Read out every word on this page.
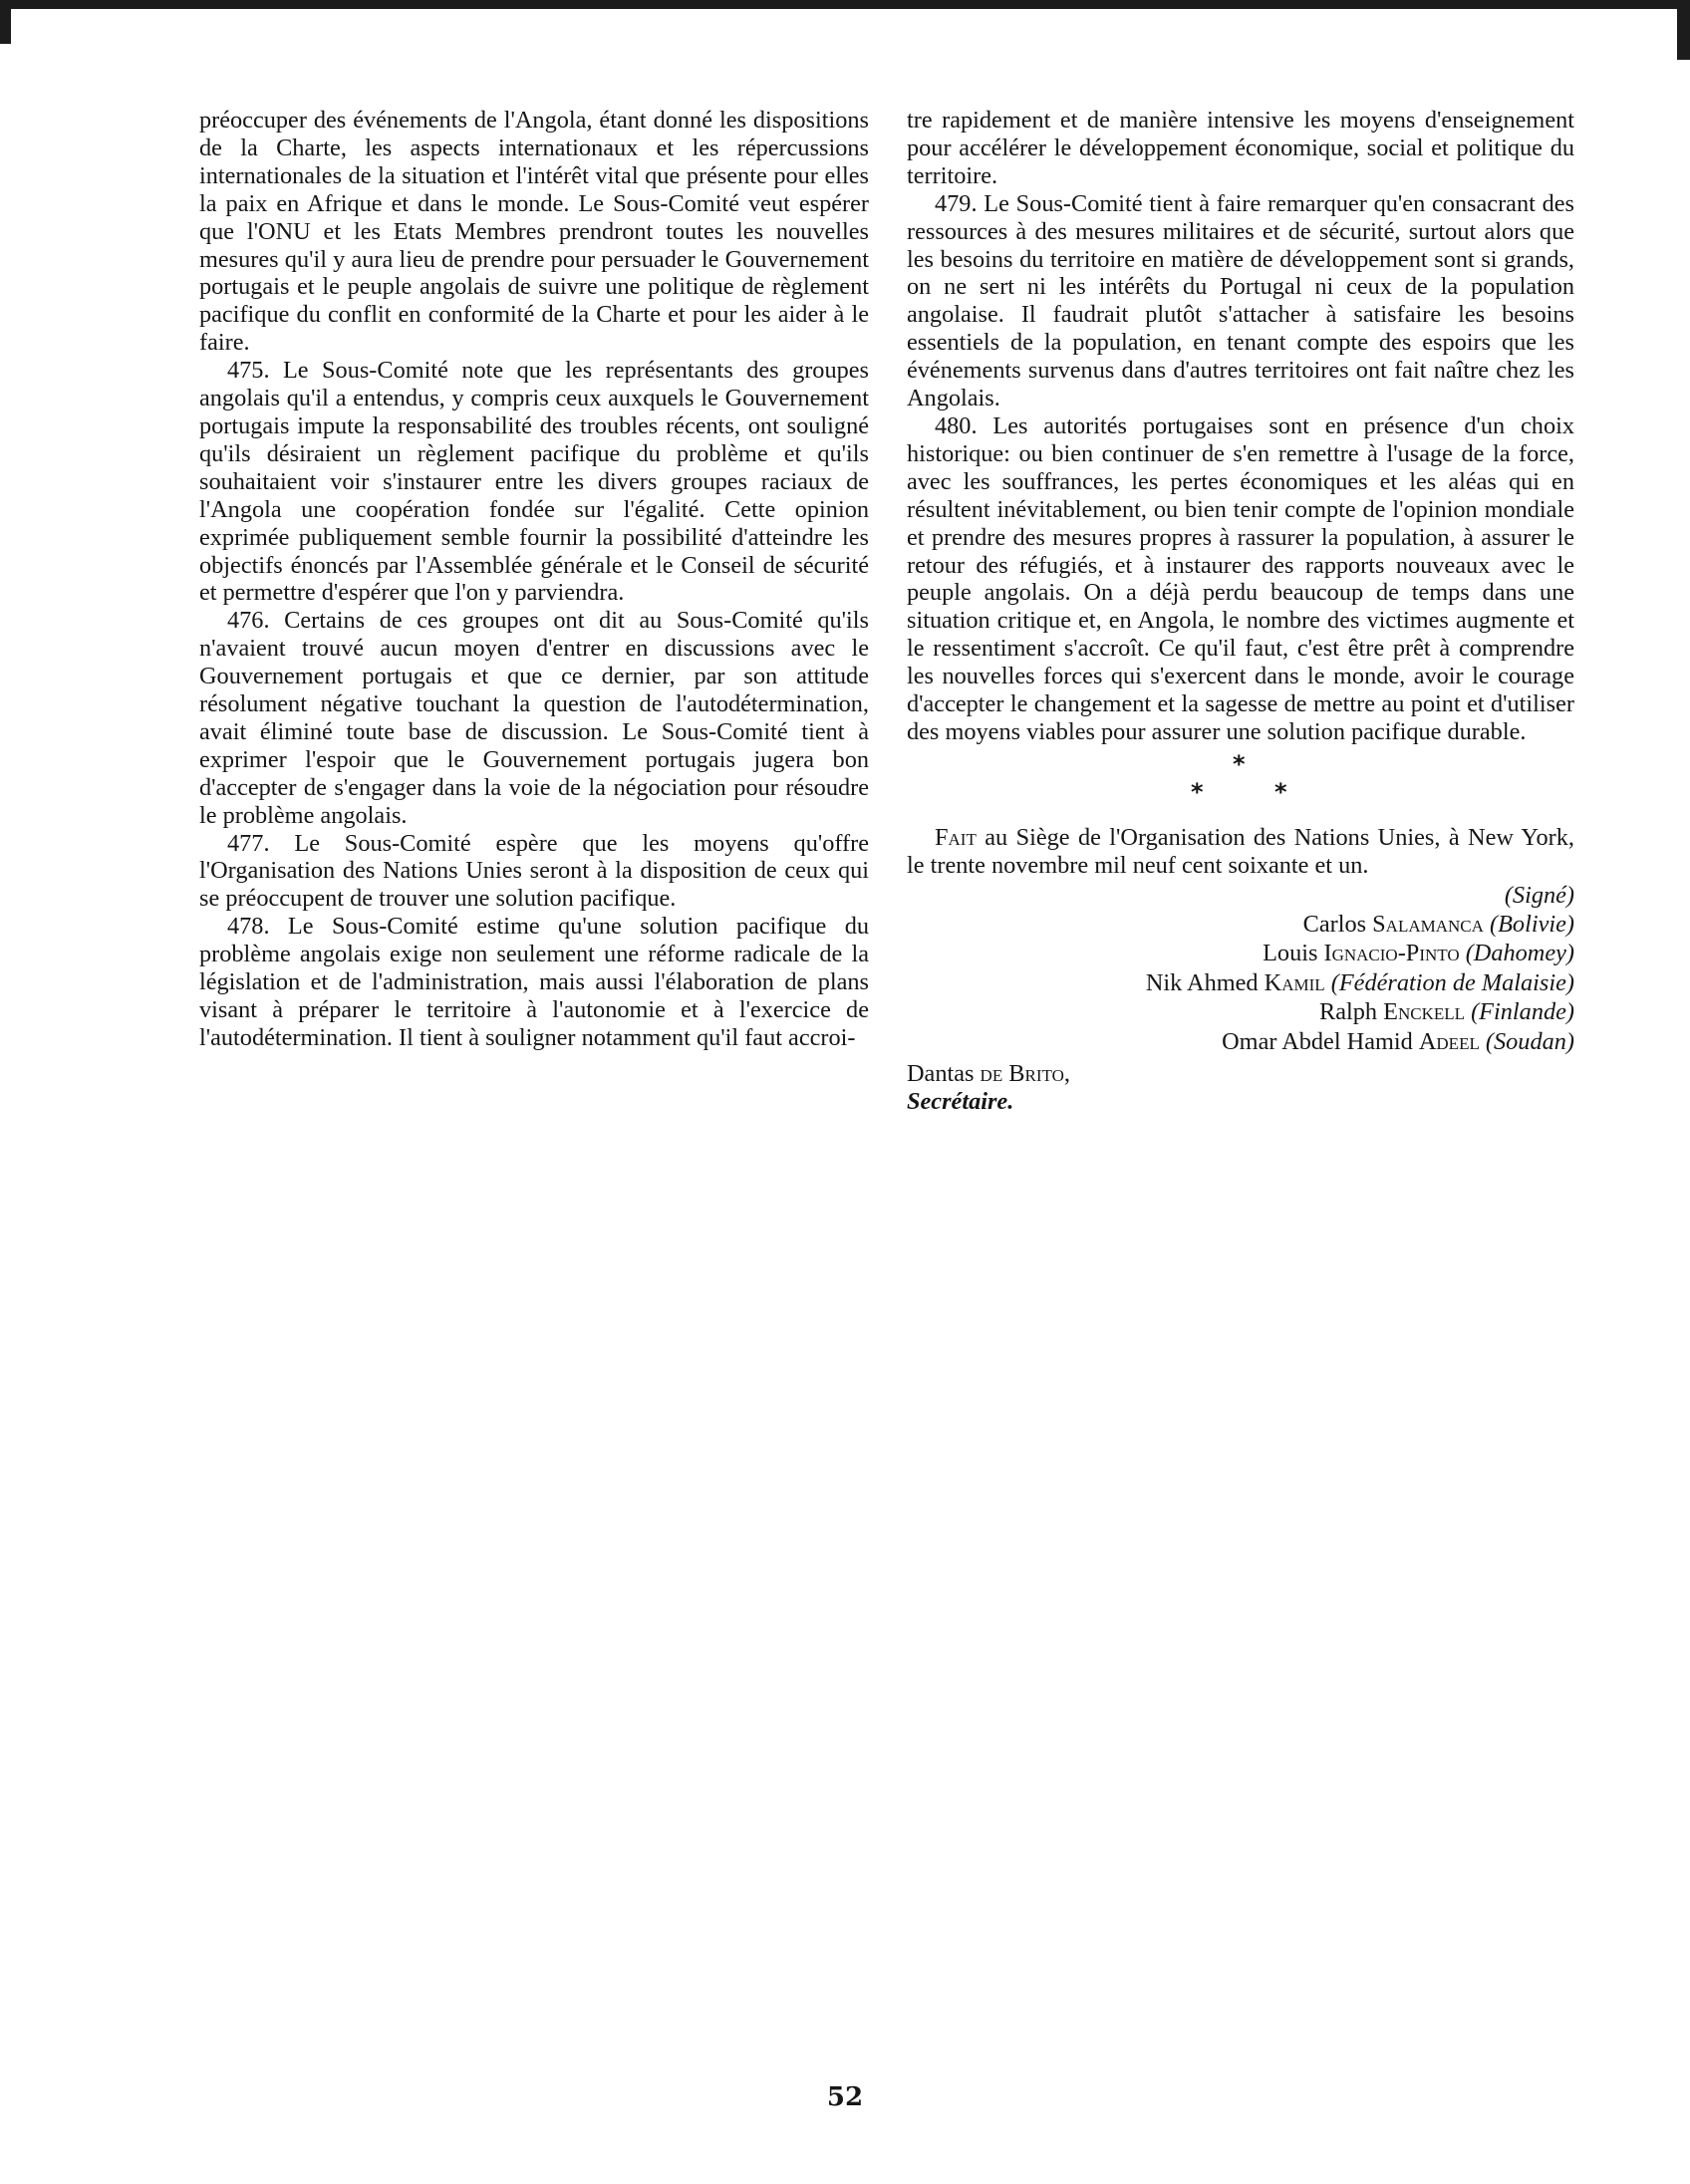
préoccuper des événements de l'Angola, étant donné les dispositions de la Charte, les aspects internationaux et les répercussions internationales de la situation et l'intérêt vital que présente pour elles la paix en Afrique et dans le monde. Le Sous-Comité veut espérer que l'ONU et les Etats Membres prendront toutes les nouvelles mesures qu'il y aura lieu de prendre pour persuader le Gouvernement portugais et le peuple angolais de suivre une politique de règlement pacifique du conflit en conformité de la Charte et pour les aider à le faire.

475. Le Sous-Comité note que les représentants des groupes angolais qu'il a entendus, y compris ceux auxquels le Gouvernement portugais impute la responsabilité des troubles récents, ont souligné qu'ils désiraient un règlement pacifique du problème et qu'ils souhaitaient voir s'instaurer entre les divers groupes raciaux de l'Angola une coopération fondée sur l'égalité. Cette opinion exprimée publiquement semble fournir la possibilité d'atteindre les objectifs énoncés par l'Assemblée générale et le Conseil de sécurité et permettre d'espérer que l'on y parviendra.

476. Certains de ces groupes ont dit au Sous-Comité qu'ils n'avaient trouvé aucun moyen d'entrer en discussions avec le Gouvernement portugais et que ce dernier, par son attitude résolument négative touchant la question de l'autodétermination, avait éliminé toute base de discussion. Le Sous-Comité tient à exprimer l'espoir que le Gouvernement portugais jugera bon d'accepter de s'engager dans la voie de la négociation pour résoudre le problème angolais.

477. Le Sous-Comité espère que les moyens qu'offre l'Organisation des Nations Unies seront à la disposition de ceux qui se préoccupent de trouver une solution pacifique.

478. Le Sous-Comité estime qu'une solution pacifique du problème angolais exige non seulement une réforme radicale de la législation et de l'administration, mais aussi l'élaboration de plans visant à préparer le territoire à l'autonomie et à l'exercice de l'autodétermination. Il tient à souligner notamment qu'il faut accroi-

tre rapidement et de manière intensive les moyens d'enseignement pour accélérer le développement économique, social et politique du territoire.

479. Le Sous-Comité tient à faire remarquer qu'en consacrant des ressources à des mesures militaires et de sécurité, surtout alors que les besoins du territoire en matière de développement sont si grands, on ne sert ni les intérêts du Portugal ni ceux de la population angolaise. Il faudrait plutôt s'attacher à satisfaire les besoins essentiels de la population, en tenant compte des espoirs que les événements survenus dans d'autres territoires ont fait naître chez les Angolais.

480. Les autorités portugaises sont en présence d'un choix historique: ou bien continuer de s'en remettre à l'usage de la force, avec les souffrances, les pertes économiques et les aléas qui en résultent inévitablement, ou bien tenir compte de l'opinion mondiale et prendre des mesures propres à rassurer la population, à assurer le retour des réfugiés, et à instaurer des rapports nouveaux avec le peuple angolais. On a déjà perdu beaucoup de temps dans une situation critique et, en Angola, le nombre des victimes augmente et le ressentiment s'accroît. Ce qu'il faut, c'est être prêt à comprendre les nouvelles forces qui s'exercent dans le monde, avoir le courage d'accepter le changement et la sagesse de mettre au point et d'utiliser des moyens viables pour assurer une solution pacifique durable.

*
*	*

Fait au Siège de l'Organisation des Nations Unies, à New York, le trente novembre mil neuf cent soixante et un.

(Signé)

Carlos Salamanca (Bolivie)

Louis Ignacio-Pinto (Dahomey)

Nik Ahmed Kamil (Fédération de Malaisie)

Ralph Enckell (Finlande)

Omar Abdel Hamid Adeel (Soudan)

Dantas de Brito,
Secrétaire.
52
